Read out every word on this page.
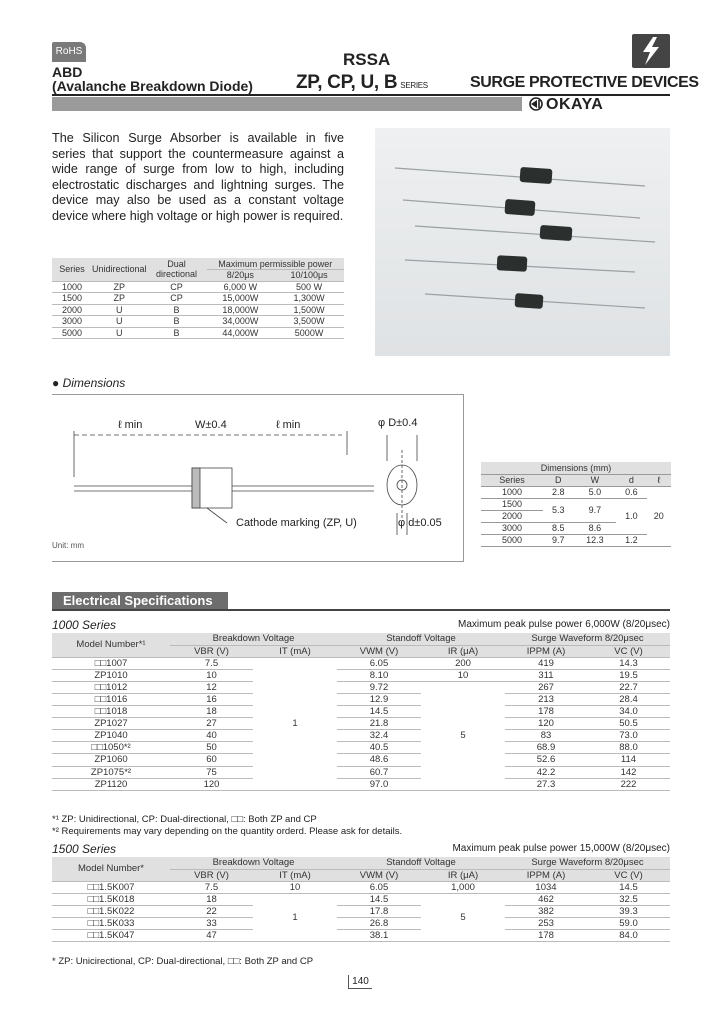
RoHS
ABD
(Avalanche Breakdown Diode)
RSSA
ZP, CP, U, B SERIES	SURGE PROTECTIVE DEVICES
OKAYA

The Silicon Surge Absorber is available in five series that support the countermeasure against a wide range of surge from low to high, including electrostatic discharges and lightning surges. The device may also be used as a constant voltage device where high voltage or high power is required.

Series	Unidirectional	Dual directional	Maximum permissible power	
			8/20μs	10/100μs
1000	ZP	CP	6,000 W	500 W
1500	ZP	CP	15,000W	1,300W
2000	U	B	18,000W	1,500W
3000	U	B	34,000W	3,500W
5000	U	B	44,000W	5000W
● Dimensions
ℓ min	W±0.4	ℓ min	φ D±0.4
Cathode marking (ZP, U)	φ d±0.05
Unit: mm
Dimensions (mm)				
Series	D	W	d	ℓ
1000	2.8	5.0	0.6	20
1500	5.3	9.7	1.0	
2000				
3000	8.5	8.6		
5000	9.7	12.3	1.2	
Electrical Specifications
1000 Series	Maximum peak pulse power 6,000W (8/20μsec)
Model Number*¹	Breakdown Voltage		Standoff Voltage		Surge Waveform 8/20μsec	
	VBR (V)	IT (mA)	VWM (V)	IR (μA)	IPPM (A)	VC (V)
□□1007	7.5	1	6.05	200	419	14.3
ZP1010	10		8.10	10	311	19.5
□□1012	12		9.72	5	267	22.7
□□1016	16		12.9		213	28.4
□□1018	18		14.5		178	34.0
ZP1027	27		21.8		120	50.5
ZP1040	40		32.4		83	73.0
□□1050*²	50		40.5		68.9	88.0
ZP1060	60		48.6		52.6	114
ZP1075*²	75		60.7		42.2	142
ZP1120	120		97.0		27.3	222
*¹ ZP: Unidirectional, CP: Dual-directional, □□: Both ZP and CP
*² Requirements may vary depending on the quantity orderd. Please ask for details.
1500 Series	Maximum peak pulse power 15,000W (8/20μsec)
Model Number*	Breakdown Voltage		Standoff Voltage		Surge Waveform 8/20μsec	
	VBR (V)	IT (mA)	VWM (V)	IR (μA)	IPPM (A)	VC (V)
□□1.5K007	7.5	10	6.05	1,000	1034	14.5
□□1.5K018	18	1	14.5	5	462	32.5
□□1.5K022	22		17.8		382	39.3
□□1.5K033	33		26.8		253	59.0
□□1.5K047	47		38.1		178	84.0
* ZP: Unicirectional, CP: Dual-directional, □□: Both ZP and CP
140
